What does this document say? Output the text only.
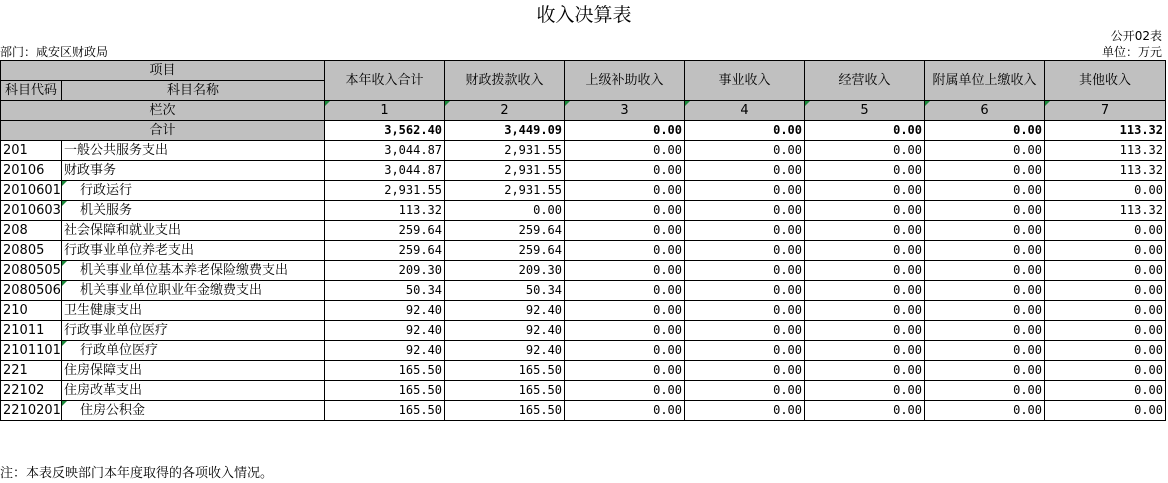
收入决算表
公开02表
部门：咸安区财政局	单位：万元
项目		本年收入合计	财政拨款收入	上级补助收入	事业收入	经营收入	附属单位上缴收入	其他收入
科目代码	科目名称							

栏次		1	2	3	4	5	6	7
合计		3,562.40	3,449.09	0.00	0.00	0.00	0.00	113.32
201	一般公共服务支出	3,044.87	2,931.55	0.00	0.00	0.00	0.00	113.32
20106	财政事务	3,044.87	2,931.55	0.00	0.00	0.00	0.00	113.32
2010601	行政运行	2,931.55	2,931.55	0.00	0.00	0.00	0.00	0.00
2010603	机关服务	113.32	0.00	0.00	0.00	0.00	0.00	113.32
208	社会保障和就业支出	259.64	259.64	0.00	0.00	0.00	0.00	0.00
20805	行政事业单位养老支出	259.64	259.64	0.00	0.00	0.00	0.00	0.00
2080505	机关事业单位基本养老保险缴费支出	209.30	209.30	0.00	0.00	0.00	0.00	0.00
2080506	机关事业单位职业年金缴费支出	50.34	50.34	0.00	0.00	0.00	0.00	0.00
210	卫生健康支出	92.40	92.40	0.00	0.00	0.00	0.00	0.00
21011	行政事业单位医疗	92.40	92.40	0.00	0.00	0.00	0.00	0.00
2101101	行政单位医疗	92.40	92.40	0.00	0.00	0.00	0.00	0.00
221	住房保障支出	165.50	165.50	0.00	0.00	0.00	0.00	0.00
22102	住房改革支出	165.50	165.50	0.00	0.00	0.00	0.00	0.00
2210201	住房公积金	165.50	165.50	0.00	0.00	0.00	0.00	0.00
注：本表反映部门本年度取得的各项收入情况。
